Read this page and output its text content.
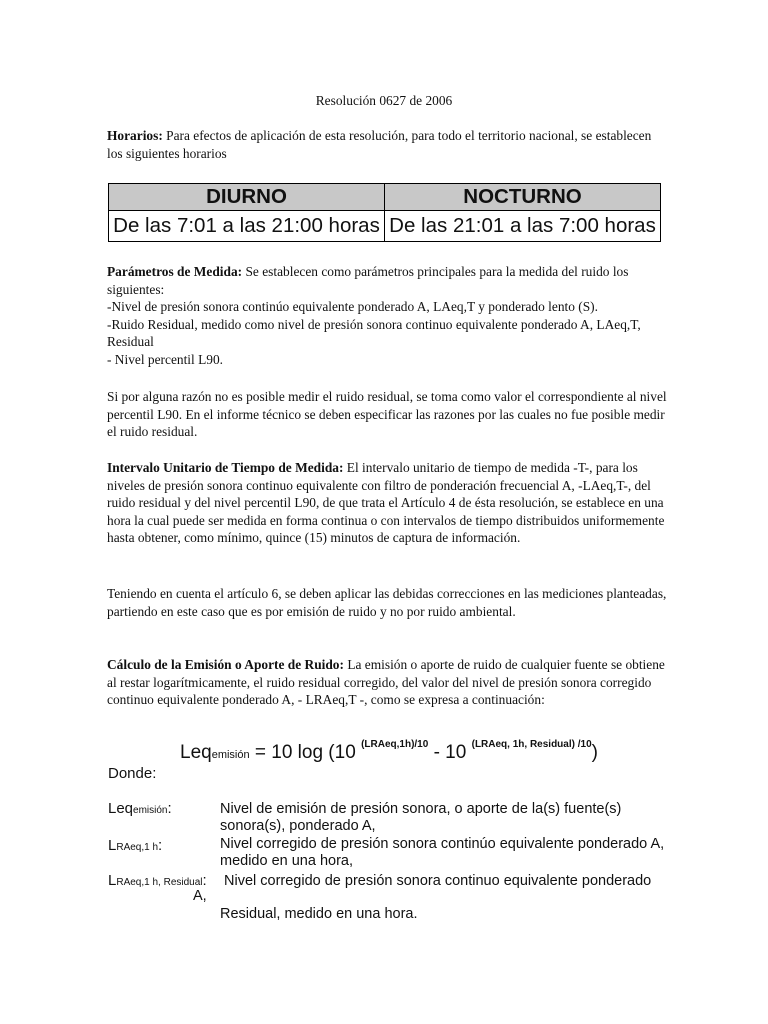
Resolución 0627 de 2006

Horarios: Para efectos de aplicación de esta resolución, para todo el territorio nacional, se establecen los siguientes horarios

DIURNO	NOCTURNO
De las 7:01 a las 21:00 horas	De las 21:01 a las 7:00 horas

Parámetros de Medida: Se establecen como parámetros principales para la medida del ruido los siguientes:

-Nivel de presión sonora continúo equivalente ponderado A, LAeq,T y ponderado lento (S).

-Ruido Residual, medido como nivel de presión sonora continuo equivalente ponderado A, LAeq,T, Residual

- Nivel percentil L90.

Si por alguna razón no es posible medir el ruido residual, se toma como valor el correspondiente al nivel percentil L90. En el informe técnico se deben especificar las razones por las cuales no fue posible medir el ruido residual.

Intervalo Unitario de Tiempo de Medida: El intervalo unitario de tiempo de medida -T-, para los niveles de presión sonora continuo equivalente con filtro de ponderación frecuencial A, -LAeq,T-, del ruido residual y del nivel percentil L90, de que trata el Artículo 4 de ésta resolución, se establece en una hora la cual puede ser medida en forma continua o con intervalos de tiempo distribuidos uniformemente hasta obtener, como mínimo, quince (15) minutos de captura de información.

Teniendo en cuenta el artículo 6, se deben aplicar las debidas correcciones en las mediciones planteadas, partiendo en este caso que es por emisión de ruido y no por ruido ambiental.

Cálculo de la Emisión o Aporte de Ruido: La emisión o aporte de ruido de cualquier fuente se obtiene al restar logarítmicamente, el ruido residual corregido, del valor del nivel de presión sonora corregido continuo equivalente ponderado A, - LRAeq,T -, como se expresa a continuación:

Leqemisión = 10 log (10 $^{(LRAeq,1h)/10}$ - 10 $^{(LRAeq, 1h, Residual) /10}$)
Donde:
Leqemisión:	Nivel de emisión de presión sonora, o aporte de la(s) fuente(s) sonora(s), ponderado A,
LRAeq,1 h:	Nivel corregido de presión sonora continúo equivalente ponderado A,                medido en una hora,
LRAeq,1 h, Residual: Nivel corregido de presión sonora continuo equivalente ponderado
A,
Residual, medido en una hora.
